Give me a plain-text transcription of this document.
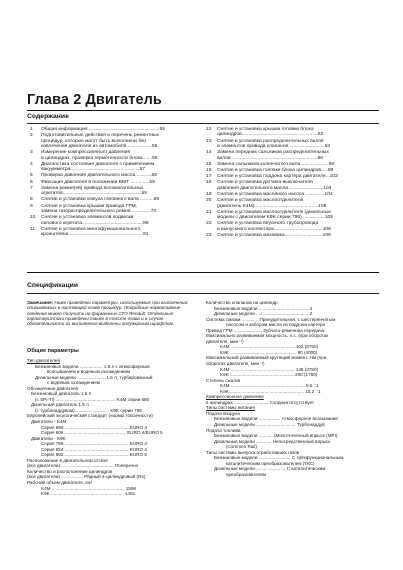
Глава 2 Двигатель
Содержание
1	Общая информация ....................................................55
2	Подготовительные действия и перечень ремонтных
процедур, которые могут быть выполнены без
извлечения двигателя из автомобиля...................55
3	Измерение компрессионного давления
в цилиндрах, проверка герметичности блока.......55
4	Диагностика состояния двигателя с применением
вакуумметра...................................................57
5	Проверка давления двигательного масла ...........58
6	Фиксация двигателя в положении ВМТ ..............59
7	Замена ремня(ей) привода вспомогательных
агрегатов..........................................................59
8	Снятие и установка кожуха головного вала ..........69
9	Снятие и установка крышки привода ГРМ,
замена газораспределительного ремня...............70
10	Снятие и установка элементов подвески
силового агрегата.............................................89
11	Снятие и установка многофункционального
кронштейна ......................................................91
12	Снятие и установка крышки головки блока
цилиндров........................................................92
13	Снятие и установка распределительных валов
и элементов привода клапанов ..........................94
14	Замена передних сальников распределительных
валов ...............................................................99
15	Замена сальников коленчатого вала ....................99
16	Снятие и установка головки блока цилиндров.....99
17	Снятие и установка поддона картера двигателя...102
18	Снятие и установка датчика-выключателя
давления двигательного масла .........................104
19	Снятие и установка масляного насоса ..............104
20	Снятие и установка маслоотделителя
(двигатель K4M)...............................................105
21	Снятие и установка маслоотделителя (дизельные
модели с двигателем K9K серии 796) ................105
22	Снятие и установка впускного трубопровода
и выпускного коллектора....................................106
23	Снятие и установка маховика............................106
Спецификации
Замечание: Ниже приведены параметры, используемые при выполнении описываемых в настоящей главе процедур. Подробные нормативные сведения можно получить на фирменных СТО Renault. Отдельные характеристики приведены также в тексте глава и в случае обязательности их выполнения выделены полужирным шрифтом.
Общие параметры
Тип двигателей
Бензиновые модели .................. 1.6 л с атмосферным
всасыванием и водяным охлаждением
Дизельные модели ...................... 1.5 л, турбированный
с водяным охлаждением
Обозначение двигателя
Бензиновый двигатель 1.6 л
(с SPi-TI) ............................................... K4M серии 690
Дизельный двигатель 1.5 л
(с турбонаддувом)........................... K9K серии 796
Европейский экологический стандарт (нормы токсичности)
Двигатели - K4M
Серия 690 .................................................. EURO 4
Серия 606 ................................................ EURO 4/EURO 5
Двигатели - K9K
Серия 796 .................................................. EURO 4
Серия 854 .................................................. EURO 4
Серия 892 .................................................. EURO 5
Расположение в двигательном отсеке
(все двигатели) ......................................... Поперечно
Количество и расположение цилиндров
(все двигатели) ................. Рядный 4-цилиндровый (R4)
Рабочий объем двигателя, см³
K4M ......................................................... 1598
K9K ......................................................... 1461
Количество клапанов на цилиндр
Бензиновые модели ....................................... 4
Дизельные модели ......................................... 2
Система смазки ............. Принудительная, с шестерёнчатым
насосом и забором масла из поддона картера
Привод ГРМ ...................... Зубчато-ременная передача
Максимально развиваемая мощность, л.с. (при оборотах
двигателя, мин⁻¹)
K4M .................................................. 102 (5750)
K9K .................................................... 90 (4000)
Максимальный развиваемый крутящий момент, Нм (при
оборотах двигателя, мин⁻¹)
K4M .................................................. 145 (3750)
K9K .................................................. 200 (1750)
Степень сжатия
K4M .......................................................... 9.5 : 1
K9K .......................................................... 15.2 : 1
Компрессионное давление
в цилиндрах ........................... Сходная отсутствует
Типы системы питания
Подача воздуха
Бензиновые модели ................. Атмосферное всасывание
Дизельные модели ............................... Турбонаддув
Подача топлива
Бензиновые модели ........... (Многоточечный впрыск (MPI)
Дизельные модели ............ Непосредственный впрыск
(Common Rail)
Типы системы выпуска отработавших газов
Бензиновые модели ......................... С трёхфункциональным
каталитическим преобразователем (ТКС)
Дизельные модели ....................... С каталитическим
преобразователем
